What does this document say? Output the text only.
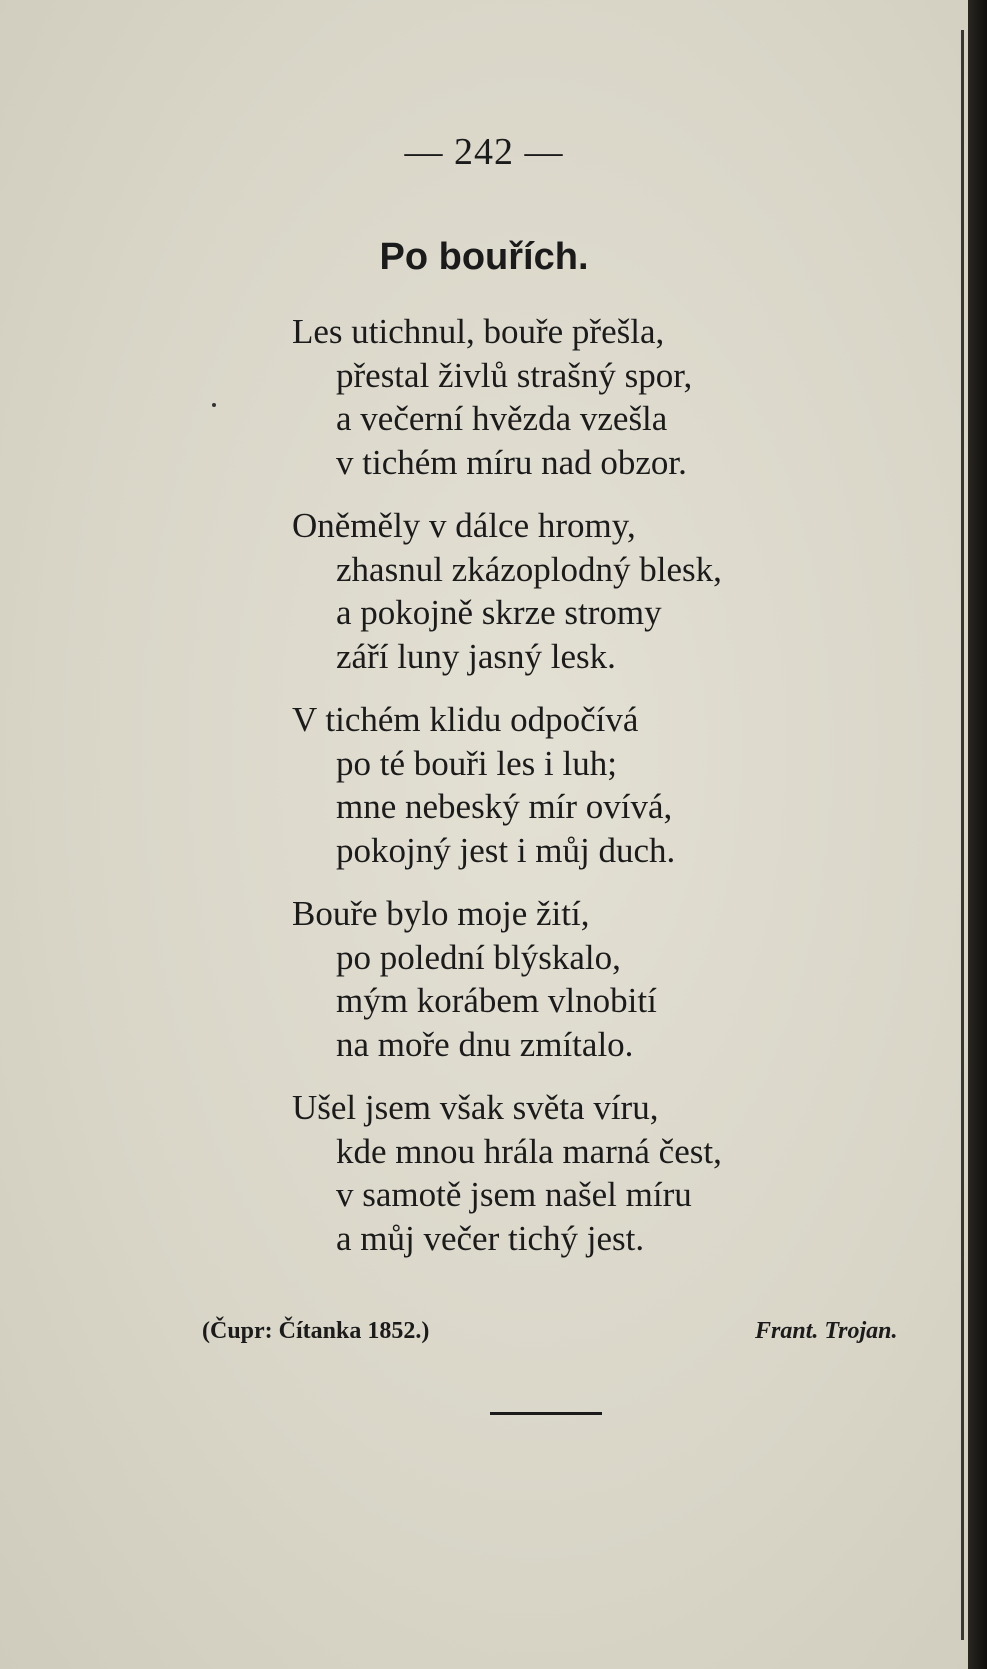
— 242 —
Po bouřích.
Les utichnul, bouře přešla,
přestal živlů strašný spor,
a večerní hvězda vzešla
v tichém míru nad obzor.
Oněměly v dálce hromy,
zhasnul zkázoplodný blesk,
a pokojně skrze stromy
září luny jasný lesk.
V tichém klidu odpočívá
po té bouři les i luh;
mne nebeský mír ovívá,
pokojný jest i můj duch.
Bouře bylo moje žití,
po polední blýskalo,
mým korábem vlnobití
na moře dnu zmítalo.
Ušel jsem však světa víru,
kde mnou hrála marná čest,
v samotě jsem našel míru
a můj večer tichý jest.
(Čupr: Čítanka 1852.)	Frant. Trojan.
